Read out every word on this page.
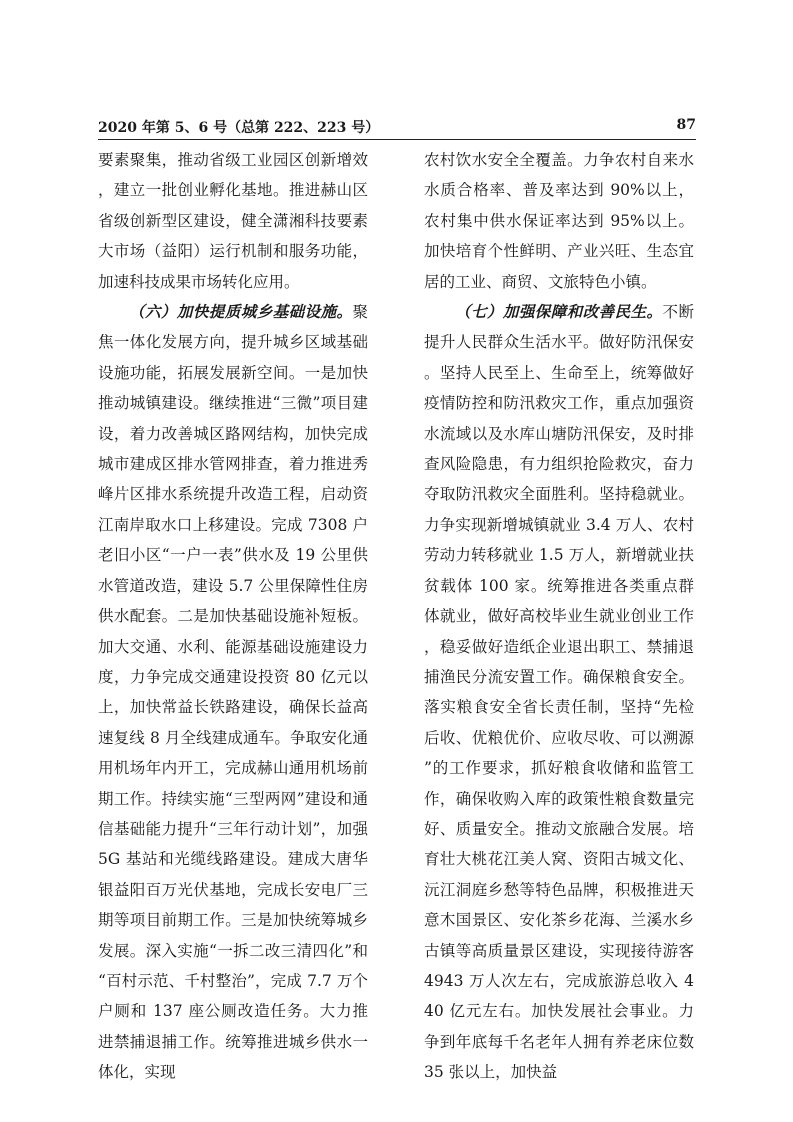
2020 年第 5、6 号（总第 222、223 号）	87

要素聚集，推动省级工业园区创新增效，建立一批创业孵化基地。推进赫山区省级创新型区建设，健全潇湘科技要素大市场（益阳）运行机制和服务功能，加速科技成果市场转化应用。

（六）加快提质城乡基础设施。聚焦一体化发展方向，提升城乡区域基础设施功能，拓展发展新空间。一是加快推动城镇建设。继续推进“三微”项目建设，着力改善城区路网结构，加快完成城市建成区排水管网排查，着力推进秀峰片区排水系统提升改造工程，启动资江南岸取水口上移建设。完成 7308 户老旧小区“一户一表”供水及 19 公里供水管道改造，建设 5.7 公里保障性住房供水配套。二是加快基础设施补短板。加大交通、水利、能源基础设施建设力度，力争完成交通建设投资 80 亿元以上，加快常益长铁路建设，确保长益高速复线 8 月全线建成通车。争取安化通用机场年内开工，完成赫山通用机场前期工作。持续实施“三型两网”建设和通信基础能力提升“三年行动计划”，加强 5G 基站和光缆线路建设。建成大唐华银益阳百万光伏基地，完成长安电厂三期等项目前期工作。三是加快统筹城乡发展。深入实施“一拆二改三清四化”和“百村示范、千村整治”，完成 7.7 万个户厕和 137 座公厕改造任务。大力推进禁捕退捕工作。统筹推进城乡供水一体化，实现

农村饮水安全全覆盖。力争农村自来水水质合格率、普及率达到 90%以上，农村集中供水保证率达到 95%以上。加快培育个性鲜明、产业兴旺、生态宜居的工业、商贸、文旅特色小镇。

（七）加强保障和改善民生。不断提升人民群众生活水平。做好防汛保安。坚持人民至上、生命至上，统筹做好疫情防控和防汛救灾工作，重点加强资水流域以及水库山塘防汛保安，及时排查风险隐患，有力组织抢险救灾，奋力夺取防汛救灾全面胜利。坚持稳就业。力争实现新增城镇就业 3.4 万人、农村劳动力转移就业 1.5 万人，新增就业扶贫载体 100 家。统筹推进各类重点群体就业，做好高校毕业生就业创业工作，稳妥做好造纸企业退出职工、禁捕退捕渔民分流安置工作。确保粮食安全。落实粮食安全省长责任制，坚持“先检后收、优粮优价、应收尽收、可以溯源”的工作要求，抓好粮食收储和监管工作，确保收购入库的政策性粮食数量完好、质量安全。推动文旅融合发展。培育壮大桃花江美人窝、资阳古城文化、沅江洞庭乡愁等特色品牌，积极推进天意木国景区、安化茶乡花海、兰溪水乡古镇等高质量景区建设，实现接待游客 4943 万人次左右，完成旅游总收入 440 亿元左右。加快发展社会事业。力争到年底每千名老年人拥有养老床位数 35 张以上，加快益
